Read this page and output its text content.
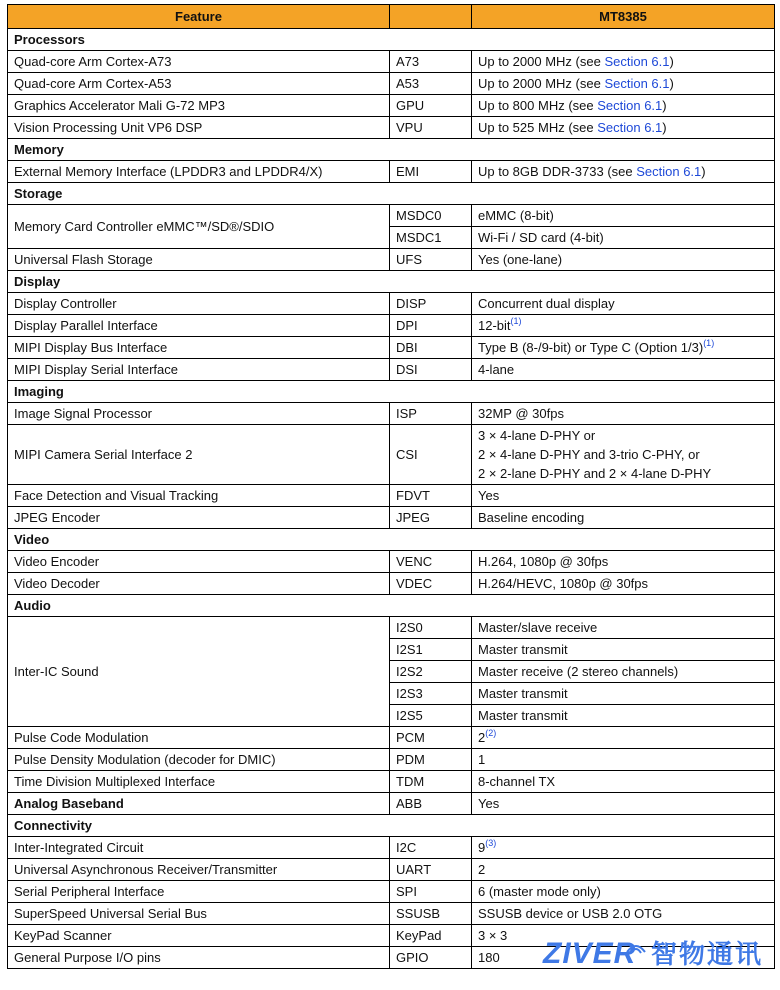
Feature		MT8385
Processors		
Quad-core Arm Cortex-A73	A73	Up to 2000 MHz (see Section 6.1)
Quad-core Arm Cortex-A53	A53	Up to 2000 MHz (see Section 6.1)
Graphics Accelerator Mali G-72 MP3	GPU	Up to 800 MHz (see Section 6.1)
Vision Processing Unit VP6 DSP	VPU	Up to 525 MHz (see Section 6.1)
Memory		
External Memory Interface (LPDDR3 and LPDDR4/X)	EMI	Up to 8GB DDR-3733 (see Section 6.1)
Storage		
Memory Card Controller eMMC™/SD®/SDIO	MSDC0	eMMC (8-bit)
	MSDC1	Wi-Fi / SD card (4-bit)
Universal Flash Storage	UFS	Yes (one-lane)
Display		
Display Controller	DISP	Concurrent dual display
Display Parallel Interface	DPI	12-bit$^{(1)}$
MIPI Display Bus Interface	DBI	Type B (8-/9-bit) or Type C (Option 1/3)$^{(1)}$
MIPI Display Serial Interface	DSI	4-lane
Imaging		
Image Signal Processor	ISP	32MP @ 30fps
MIPI Camera Serial Interface 2	CSI	3 × 4-lane D-PHY or
2 × 4-lane D-PHY and 3-trio C-PHY, or
2 × 2-lane D-PHY and 2 × 4-lane D-PHY

Face Detection and Visual Tracking	FDVT	Yes
JPEG Encoder	JPEG	Baseline encoding
Video		
Video Encoder	VENC	H.264, 1080p @ 30fps
Video Decoder	VDEC	H.264/HEVC, 1080p @ 30fps
Audio		
Inter-IC Sound	I2S0	Master/slave receive
	I2S1	Master transmit
	I2S2	Master receive (2 stereo channels)
	I2S3	Master transmit
	I2S5	Master transmit
Pulse Code Modulation	PCM	2$^{(2)}$
Pulse Density Modulation (decoder for DMIC)	PDM	1
Time Division Multiplexed Interface	TDM	8-channel TX
Analog Baseband	ABB	Yes
Connectivity		
Inter-Integrated Circuit	I2C	9$^{(3)}$
Universal Asynchronous Receiver/Transmitter	UART	2
Serial Peripheral Interface	SPI	6 (master mode only)
SuperSpeed Universal Serial Bus	SSUSB	SSUSB device or USB 2.0 OTG
KeyPad Scanner	KeyPad	3 × 3
General Purpose I/O pins	GPIO	180 ZIVER 智物通讯
